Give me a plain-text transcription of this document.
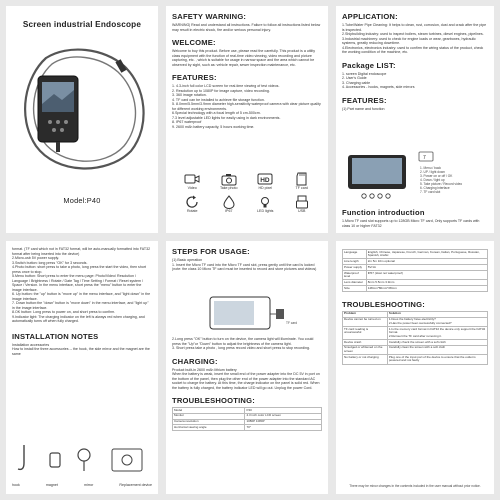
Screen industrial Endoscope
Model:P40
SAFETY WARNING:
WARNING| Read and understand all instructions. Failure to follow all instructions listed below may result in electric shock, fire and/or serious personal injury.
WELCOME:
Welcome to buy this product. Before use, please read the carefully. This product is a utility class equipment with the function of real-time video viewing, video recording and picture capturing, etc. , which is suitable for usage in narrow space and the area which cannot be observed by sight, such as: vehicle repair, sewer inspection maintenance, etc.
FEATURES:
1. 4.3-inch full color LCD screen for real-time viewing of test videos.
2. Resolution up to 1080P for image capture, video recording.
3. 360 image rotation.
4. TF card can be installed to achieve file storage function.
5. 8.0mm/5.5mm/3.9mm diameter high-sensitivity waterproof camera with clear picture quality for different working environments.
6.Special technology with a focal length of 5 cm-500cm.
7.3 level adjustable LED lights for easily using in dark environments.
8. IP67 waterproof
9. 2600 mAh battery capacity, 5 hours working time.
Video	Take photo
HD
HD pixel	TF card
Rotate	IP67	LED lights	USB
APPLICATION:
1.Tube/Water Pipe Cleaning: It helps to clean, rust, corrosion, dust and crack after the pipe is inspected.
2.Shipbuilding industry: used to inspect boilers, steam turbines, diesel engines, pipelines.
3.Industrial machinery: used to check for engine loads or wear, gearboxes, hydraulic systems, greatly reducing downtime.
4.Electronics, electronics industry: used to confirm the wiring status of the product, check the working condition of the machine, etc.
Package LIST:
1. screen Digital endoscope
2. User's Guide
3. Charging cable
4. Accessories - hooks, magnets, side mirrors
FEATURES:
(1) Part name and function
7
1. Menu / back
2. UP / light down
3. Power on or off / OK
4. Down / light up
5. Take picture / Record video
6. Charging interface
7. TF card slot
Function introduction
1.Micro TF card slot supports up to 128GB Micro TF card, Only supports TF cards with class 10 or higher FAT32
format. (TF card which not in FAT32 format, will be auto-manually formatted into FAT32 format after being inserted into the device)
2.Micro-usb 5V power supply.
3.Switch button: long press "OK" for 3 seconds.
4.Photo button: short press to take a photo, long press the start the video, then short press once to stop.
5.Menu button: Short press to enter the menu page: Photo/Video/ Resolution / Language / Brightness / Rotate / Date Tag / Time Setting / Format / Reset system / Space / Version. In the menu interface, short press the "menu" button to enter the image interface.
6. Up button: the "up" button is "move up" in the menu interface, and "light down" in the image interface.
7. Down button:the "down" button is "move down" in the menu interface, and "light up" in the image interface.
8.OK button: Long press to power on, and short press to confirm.
9.Indicator light: The charging indicator on the left is always red when charging, and automatically turns off when fully charged.
INSTALLATION NOTES
Installation accessories
How to install the three accessories -- the hook, the side mirror and the magnet are the same
hook	magnet	mirror	Replacement device
STEPS FOR USAGE:
(1) Basic operation
1. Insert the Micro TF card into the Micro TF card slot, press gently until the card is locked (note: the class 10 Micro TF card must be inserted to record and store pictures and videos)
TF card
2.Long press "OK" button to turn on the device, the camera light will illuminate. You could press the "Up"or "Down" button to adjust the brightness of the camera light.
3. Short press take a photo , long press record video and short press to stop recording.
CHARGING:
Product built-in 2600 mAh lithium battery
When the battery is weak, insert the small end of the power adapter into the DC 5V in port on the bottom of the panel, then plug the other end of the power adapter into the standard AC socket to charge the battery. At this time, the charge indicator on the panel is solid red. When the battery is fully charged, the battery indicator LED will go out. Unplug the power Cord.
TROUBLESHOOTING:
Model	P40
Monitor	4.3 inch color LCD screen
Camera resolution	1080P 1080P
Horizontal viewing angle	70°
Language	English, Chinese, Japanese, French, German, Korean, Italian, Portuguese, Russian, Spanish, Arabic
Line length	2m 5m 10m optional
Power supply	5V/1A
Waterproof level	IP67 (Host not waterproof)
Lens diameter	8mm 5.5mm 3.9mm
Size	148mm*80mm*28mm
TROUBLESHOOTING:
Problem	Solution
Device cannot be turned on	1.Does the battery have electricity?
2.Has the power been successfully connected?
TF card reading is unsuccessful	1.Is the memory card format in FAT32 the device only support the FAT32 format.
2.Reinsert the TF card after removing it.
Device crash	Carefully check the screen with a soft cloth
Smudged or whitened on the screen	Carefully clean the screen with a soft cloth
No battery or not charging	Plug one of the input port of the device to ensure that the outlet is powered and not faulty
There may be minor changes in the contents included in the user manual without prior notice.
